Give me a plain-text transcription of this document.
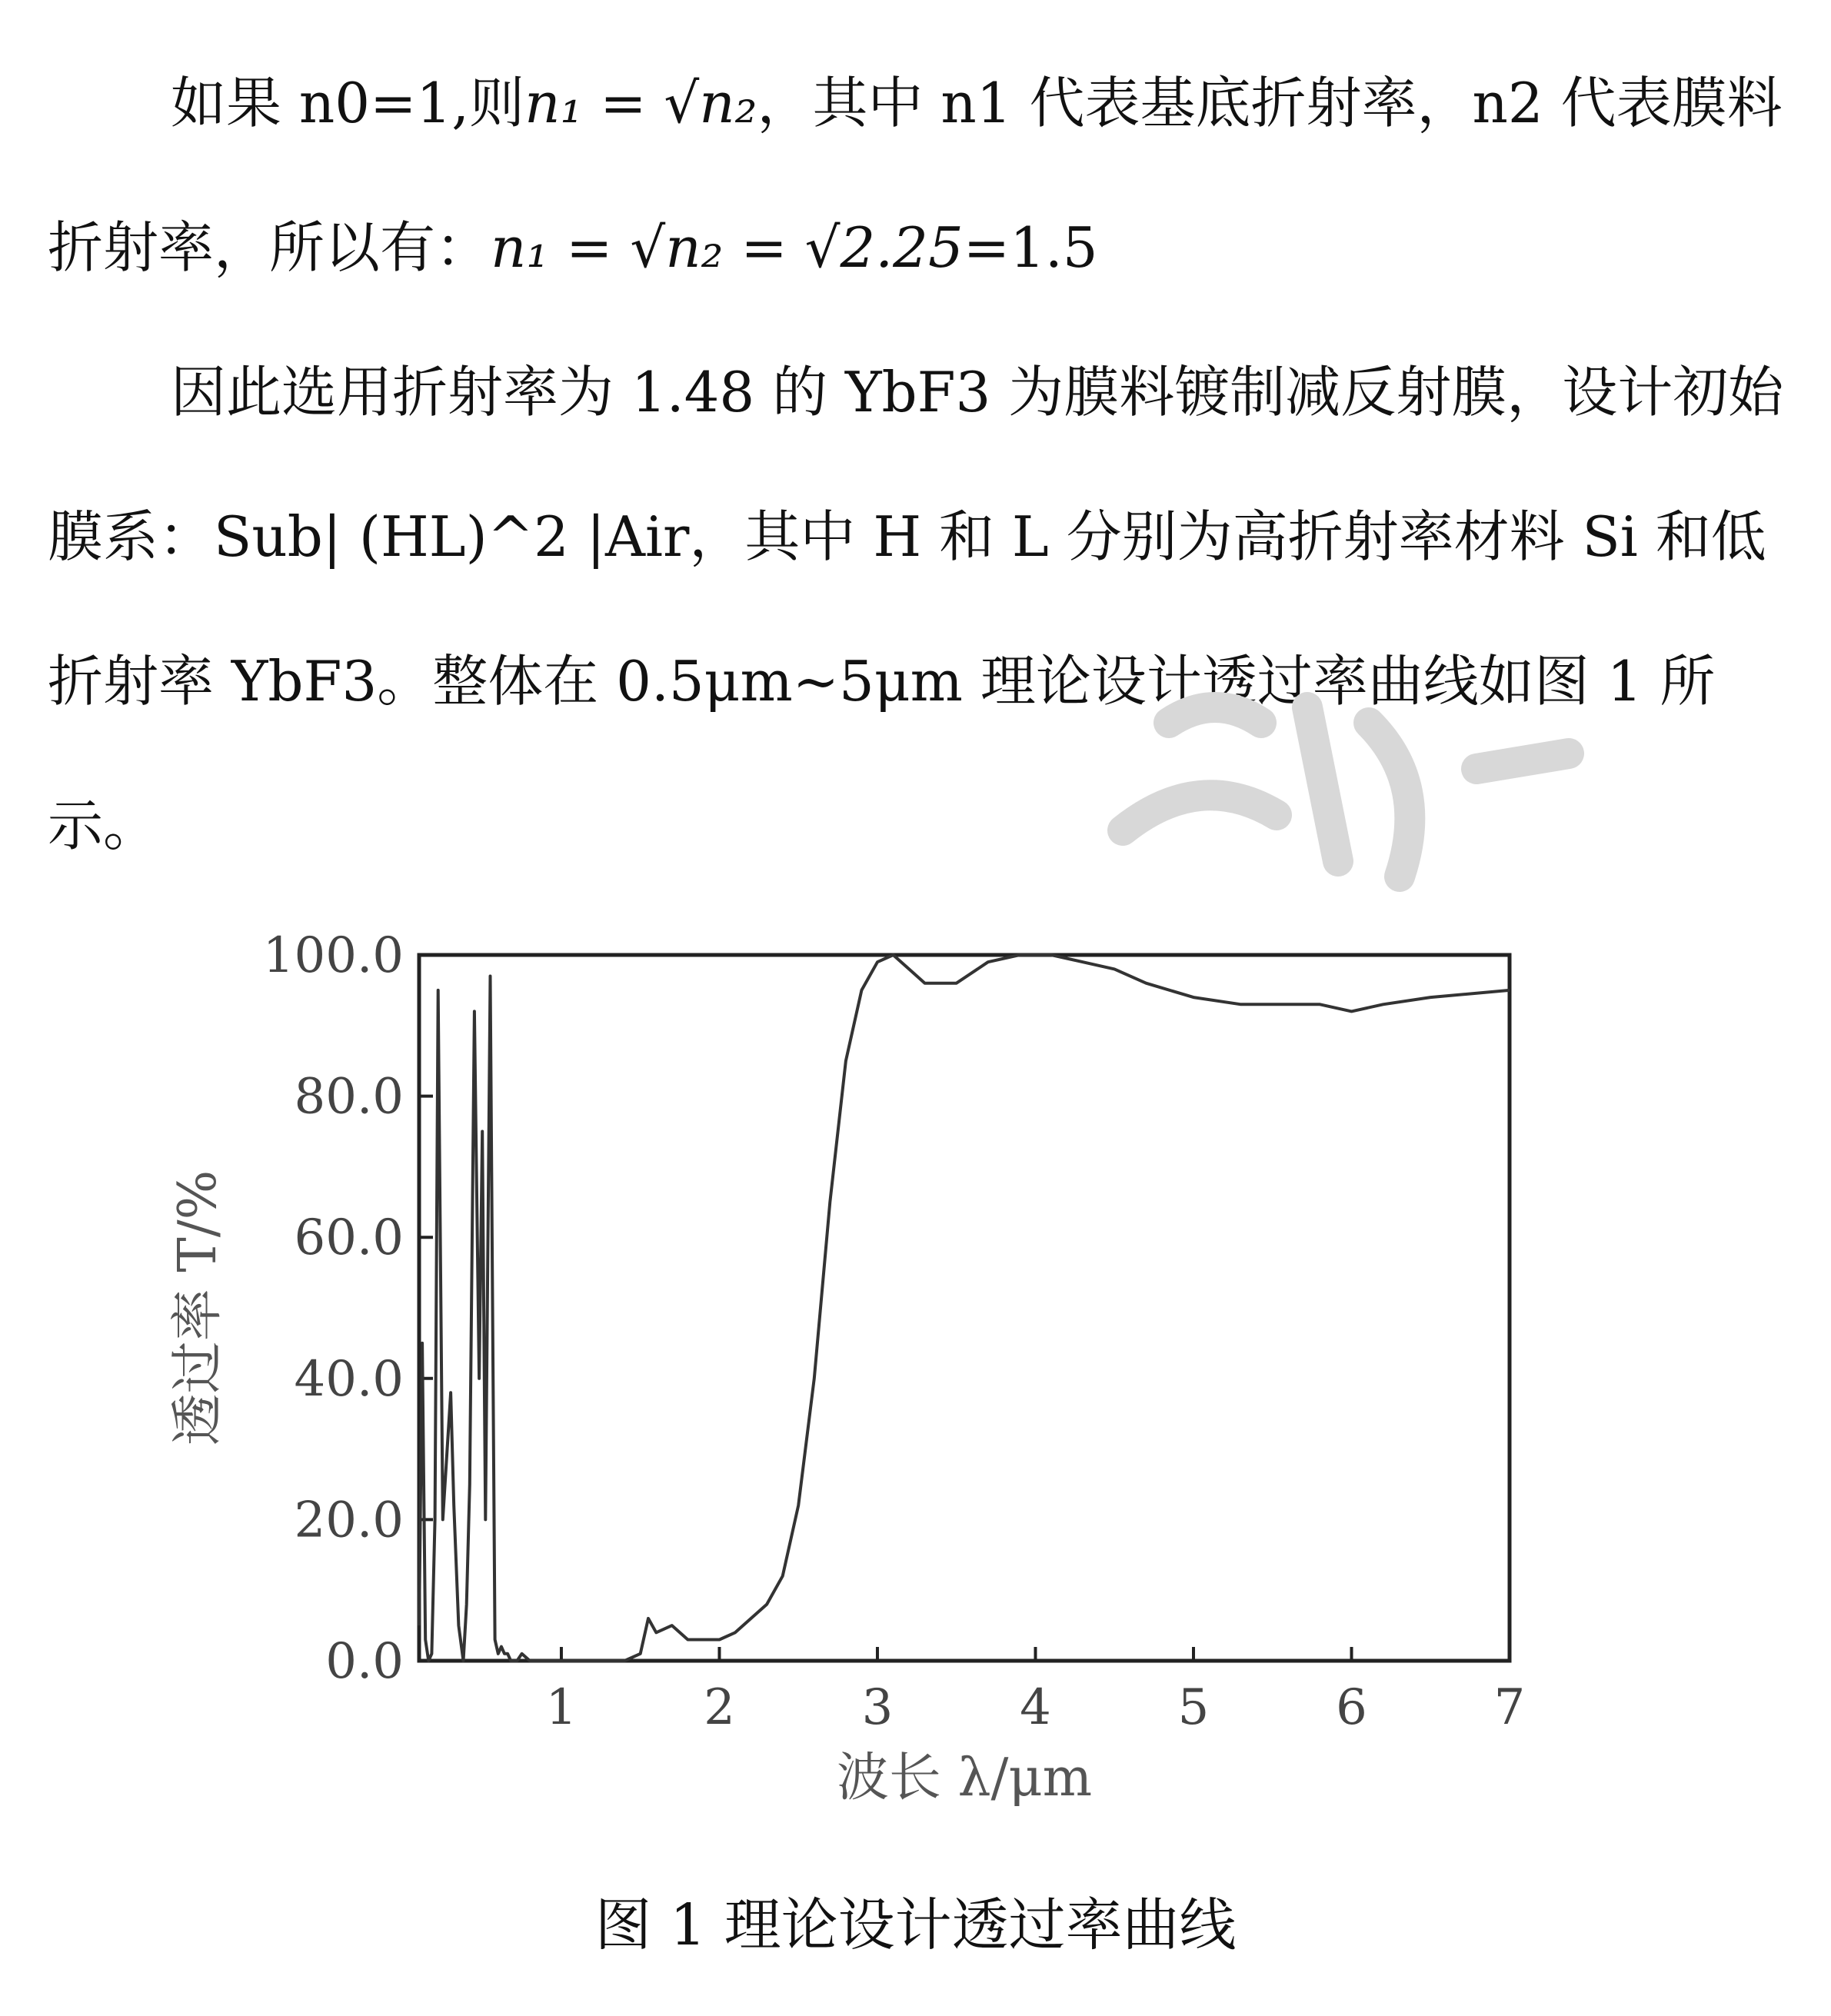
如果 n0=1,则n₁ = √n₂，其中 n1 代表基底折射率，n2 代表膜料折射率，所以有：n₁ = √n₂ = √2.25=1.5
因此选用折射率为 1.48 的 YbF3 为膜料镀制减反射膜，设计初始膜系：Sub| (HL)^2 |Air，其中 H 和 L 分别为高折射率材料 Si 和低折射率 YbF3。整体在 0.5μm~5μm 理论设计透过率曲线如图 1 所示。
0.0
20.0
40.0
60.0
80.0
100.0
1	2	3	4	5	6	7
波长 λ/μm
透过率 T/%
图 1 理论设计透过率曲线
